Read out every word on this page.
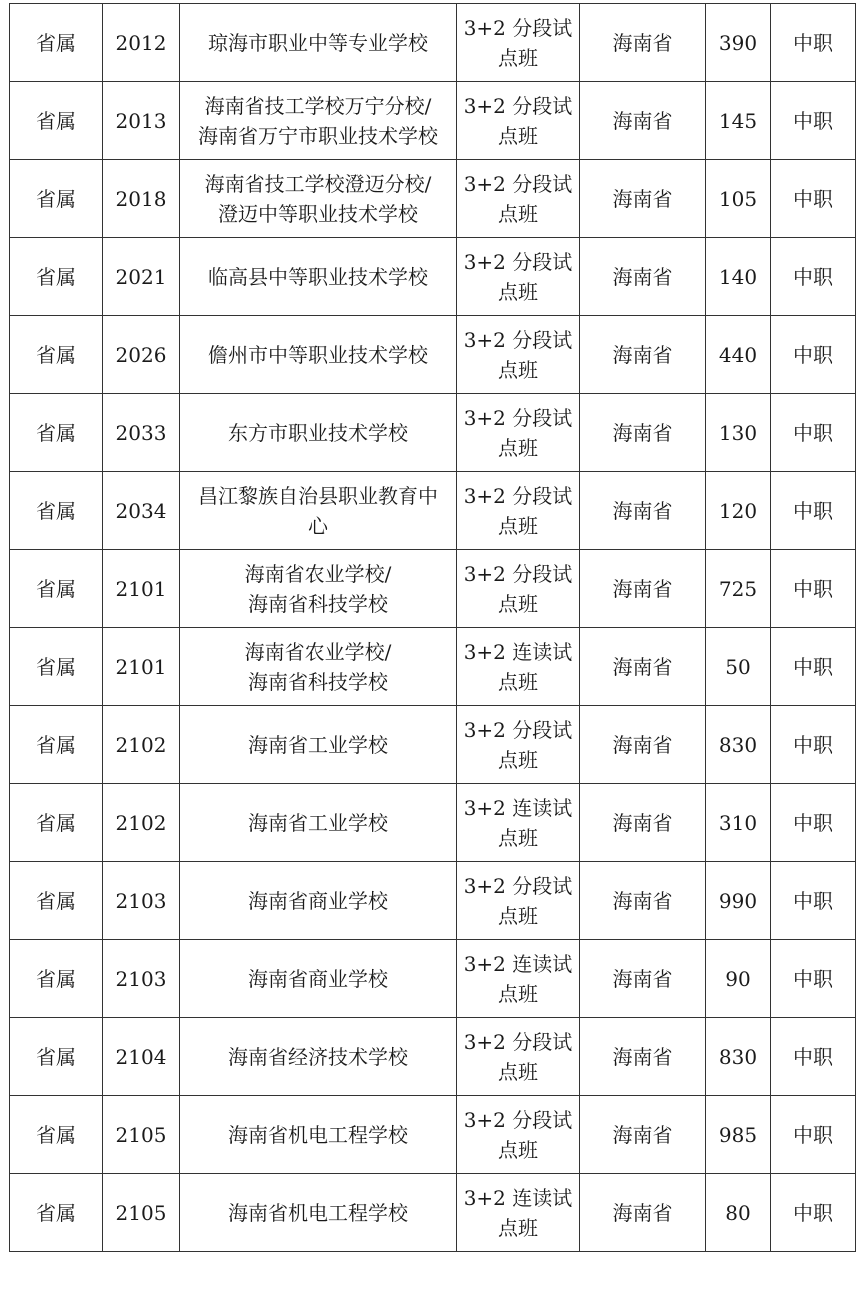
省属	2012	琼海市职业中等专业学校	3+2 分段试
点班	海南省	390	中职
省属	2013	海南省技工学校万宁分校/
海南省万宁市职业技术学校	3+2 分段试
点班	海南省	145	中职
省属	2018	海南省技工学校澄迈分校/
澄迈中等职业技术学校	3+2 分段试
点班	海南省	105	中职
省属	2021	临高县中等职业技术学校	3+2 分段试
点班	海南省	140	中职
省属	2026	儋州市中等职业技术学校	3+2 分段试
点班	海南省	440	中职
省属	2033	东方市职业技术学校	3+2 分段试
点班	海南省	130	中职
省属	2034	昌江黎族自治县职业教育中
心	3+2 分段试
点班	海南省	120	中职
省属	2101	海南省农业学校/
海南省科技学校	3+2 分段试
点班	海南省	725	中职
省属	2101	海南省农业学校/
海南省科技学校	3+2 连读试
点班	海南省	50	中职
省属	2102	海南省工业学校	3+2 分段试
点班	海南省	830	中职
省属	2102	海南省工业学校	3+2 连读试
点班	海南省	310	中职
省属	2103	海南省商业学校	3+2 分段试
点班	海南省	990	中职
省属	2103	海南省商业学校	3+2 连读试
点班	海南省	90	中职
省属	2104	海南省经济技术学校	3+2 分段试
点班	海南省	830	中职
省属	2105	海南省机电工程学校	3+2 分段试
点班	海南省	985	中职
省属	2105	海南省机电工程学校	3+2 连读试
点班	海南省	80	中职
